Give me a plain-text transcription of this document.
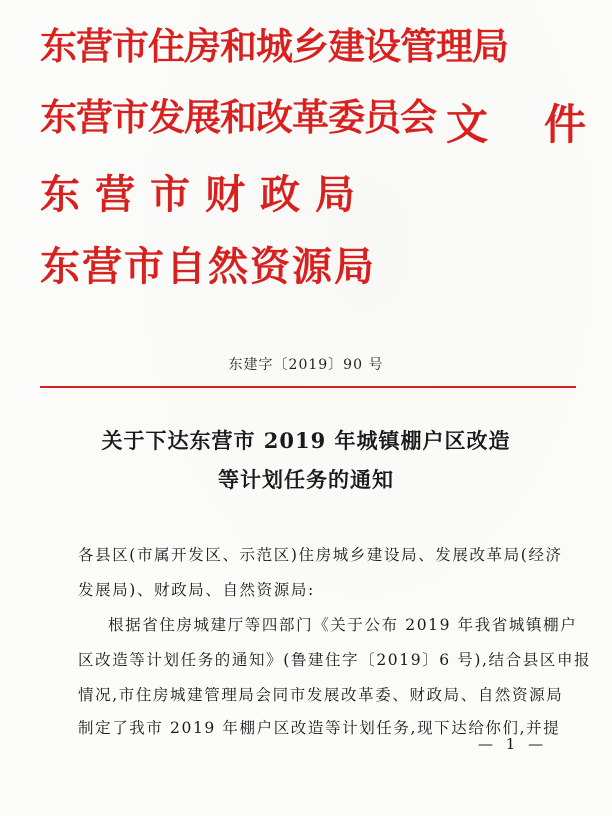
东营市住房和城乡建设管理局
东营市发展和改革委员会
东营市财政局
东营市自然资源局
文 件
东建字〔2019〕90 号
关于下达东营市 2019 年城镇棚户区改造
等计划任务的通知
各县区(市属开发区、示范区)住房城乡建设局、发展改革局(经济
发展局)、财政局、自然资源局:
根据省住房城建厅等四部门《关于公布 2019 年我省城镇棚户
区改造等计划任务的通知》(鲁建住字〔2019〕6 号),结合县区申报
情况,市住房城建管理局会同市发展改革委、财政局、自然资源局
制定了我市 2019 年棚户区改造等计划任务,现下达给你们,并提
— 1 —
